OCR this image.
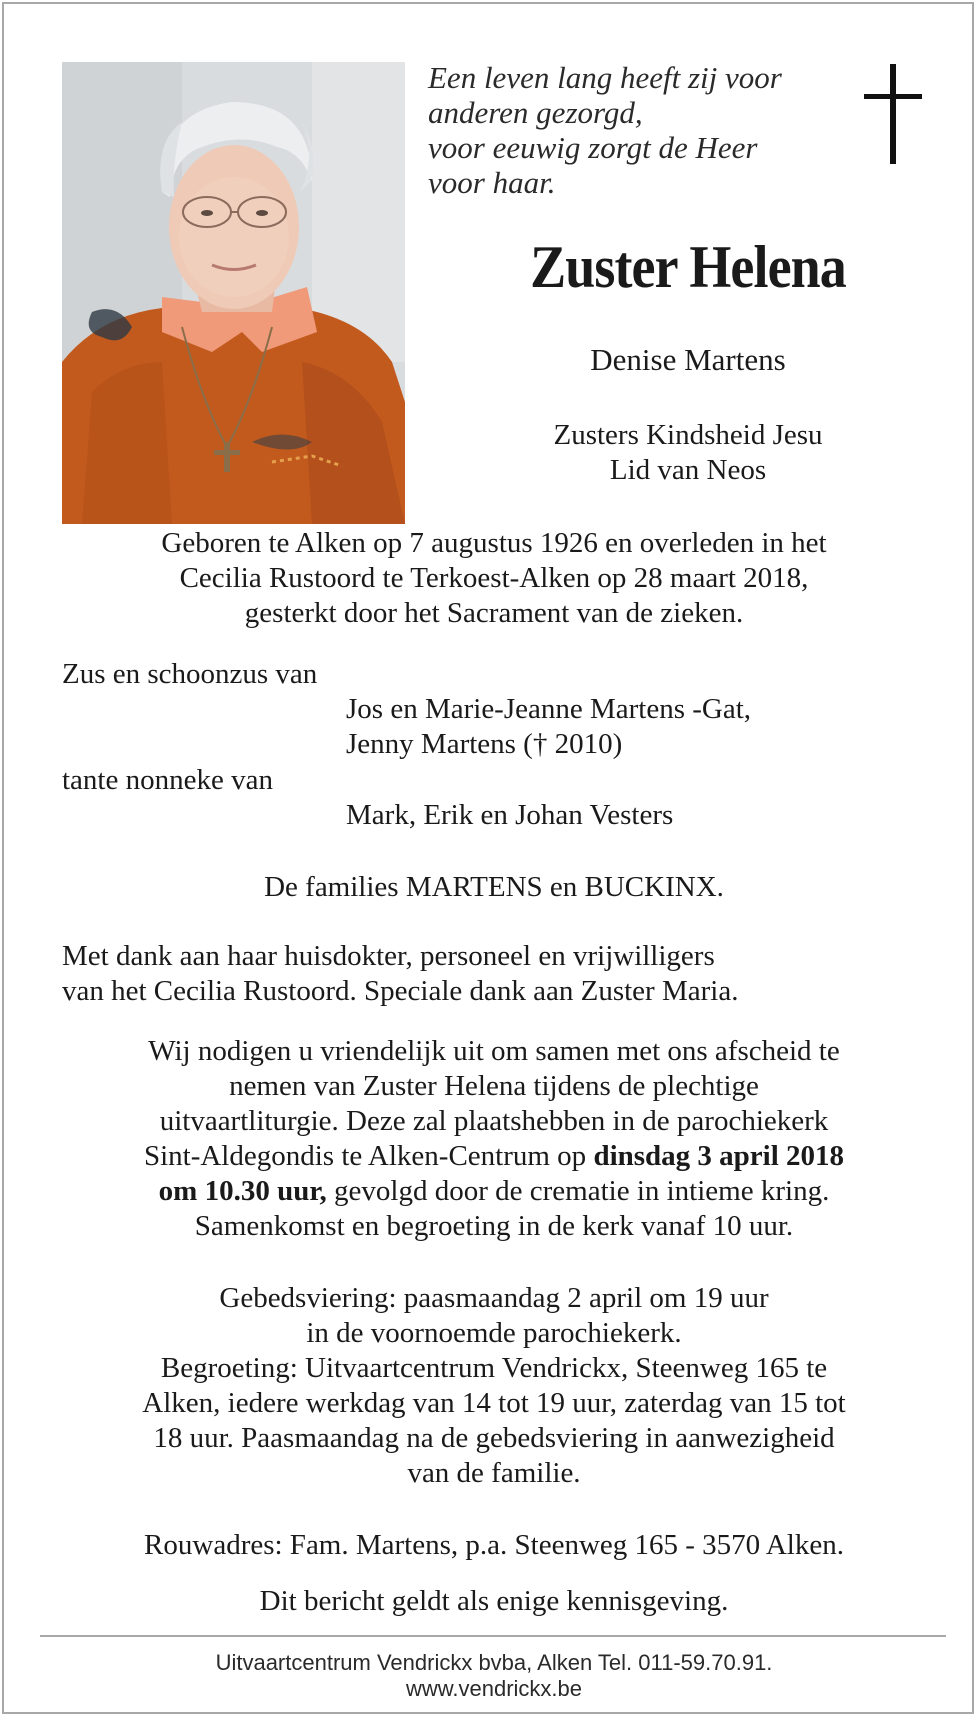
Een leven lang heeft zij voor
anderen gezorgd,
voor eeuwig zorgt de Heer
voor haar.
Zuster Helena
Denise Martens
Zusters Kindsheid Jesu
Lid van Neos
Geboren te Alken op 7 augustus 1926 en overleden in het
Cecilia Rustoord te Terkoest-Alken op 28 maart 2018,
gesterkt door het Sacrament van de zieken.
Zus en schoonzus van
Jos en Marie-Jeanne Martens -Gat,
Jenny Martens († 2010)
tante nonneke van
Mark, Erik en Johan Vesters
De families MARTENS en BUCKINX.
Met dank aan haar huisdokter, personeel en vrijwilligers
van het Cecilia Rustoord. Speciale dank aan Zuster Maria.
Wij nodigen u vriendelijk uit om samen met ons afscheid te
nemen van Zuster Helena tijdens de plechtige
uitvaartliturgie. Deze zal plaatshebben in de parochiekerk
Sint-Aldegondis te Alken-Centrum op dinsdag 3 april 2018
om 10.30 uur, gevolgd door de crematie in intieme kring.
Samenkomst en begroeting in de kerk vanaf 10 uur.
Gebedsviering: paasmaandag 2 april om 19 uur
in de voornoemde parochiekerk.
Begroeting: Uitvaartcentrum Vendrickx, Steenweg 165 te
Alken, iedere werkdag van 14 tot 19 uur, zaterdag van 15 tot
18 uur. Paasmaandag na de gebedsviering in aanwezigheid
van de familie.
Rouwadres: Fam. Martens, p.a. Steenweg 165 - 3570 Alken.
Dit bericht geldt als enige kennisgeving.
Uitvaartcentrum Vendrickx bvba, Alken Tel. 011-59.70.91.
www.vendrickx.be
